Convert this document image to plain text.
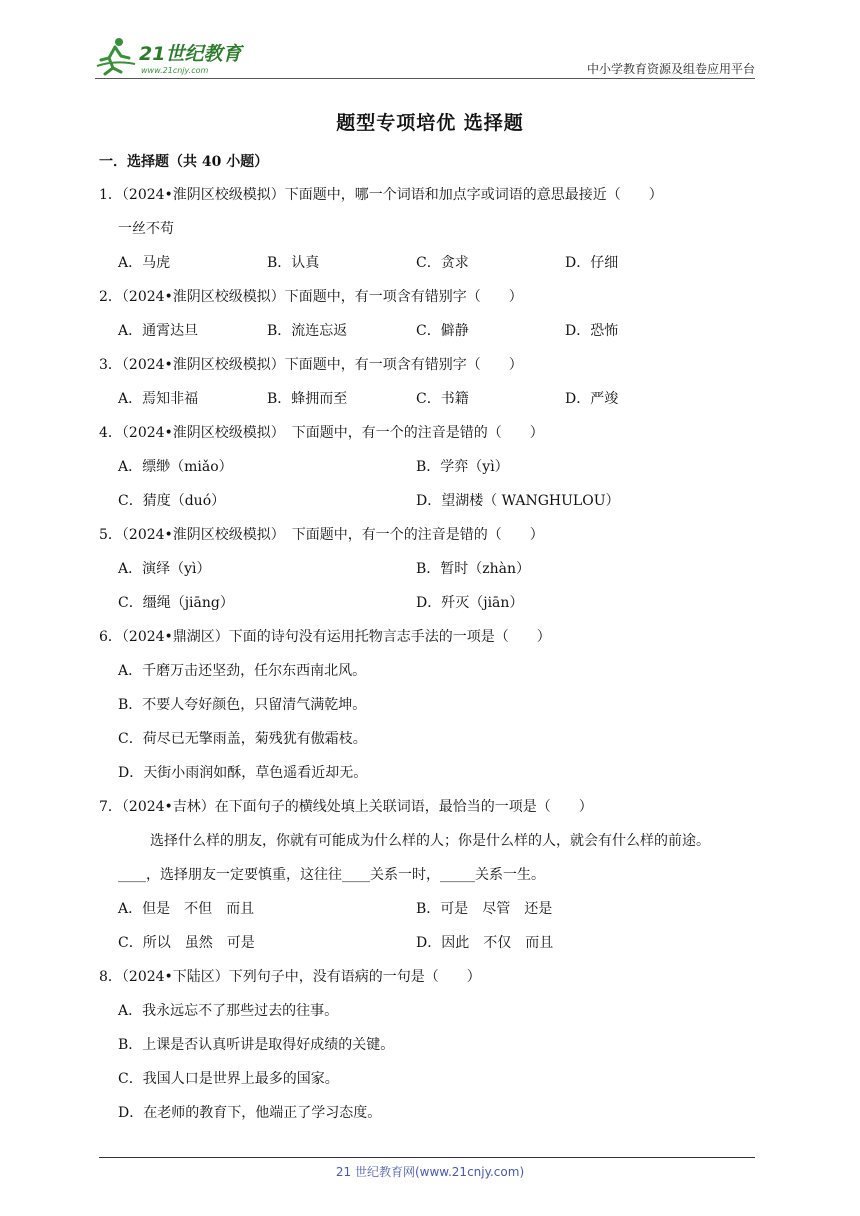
21世纪教育
www.21cnjy.com	中小学教育资源及组卷应用平台
题型专项培优 选择题
一．选择题（共 40 小题）
1．（2024•淮阴区校级模拟）下面题中，哪一个词语和加点字或词语的意思最接近（　　）
一丝不苟
A．马虎	B．认真	C．贪求	D．仔细
2．（2024•淮阴区校级模拟）下面题中，有一项含有错别字（　　）
A．通霄达旦	B．流连忘返	C．僻静	D．恐怖
3．（2024•淮阴区校级模拟）下面题中，有一项含有错别字（　　）
A．焉知非福	B．蜂拥而至	C．书籍	D．严竣
4．（2024•淮阴区校级模拟）　下面题中，有一个的注音是错的（　　）
A．缥缈（miǎo）	B．学弈（yì）
C．猜度（duó）	D．望湖楼（ WANGHULOU）
5．（2024•淮阴区校级模拟）　下面题中，有一个的注音是错的（　　）
A．演绎（yì）	B．暂时（zhàn）
C．缰绳（jiāng）	D．歼灭（jiān）
6．（2024•鼎湖区）下面的诗句没有运用托物言志手法的一项是（　　）
A．千磨万击还坚劲，任尔东西南北风。
B．不要人夸好颜色，只留清气满乾坤。
C．荷尽已无擎雨盖，菊残犹有傲霜枝。
D．天街小雨润如酥，草色遥看近却无。
7．（2024•吉林）在下面句子的横线处填上关联词语，最恰当的一项是（　　）
选择什么样的朋友，你就有可能成为什么样的人；你是什么样的人，就会有什么样的前途。
____，选择朋友一定要慎重，这往往____关系一时，_____关系一生。
A．但是　不但　而且	B．可是　尽管　还是
C．所以　虽然　可是	D．因此　不仅　而且
8．（2024•下陆区）下列句子中，没有语病的一句是（　　）
A．我永远忘不了那些过去的往事。
B．上课是否认真听讲是取得好成绩的关键。
C．我国人口是世界上最多的国家。
D．在老师的教育下，他端正了学习态度。
21 世纪教育网(www.21cnjy.com)
